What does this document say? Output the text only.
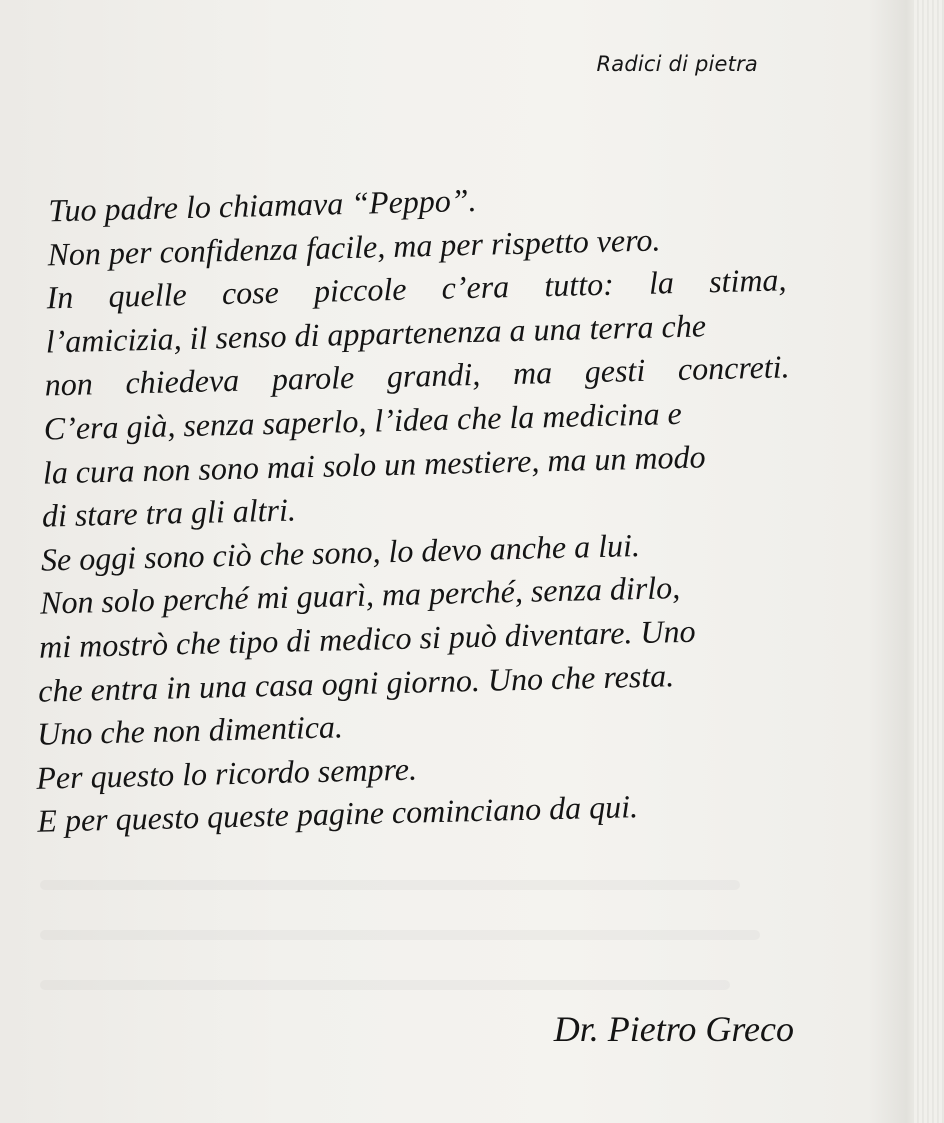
Radici di pietra
Tuo padre lo chiamava “Peppo”.
Non per confidenza facile, ma per rispetto vero.
In quelle cose piccole c’era tutto: la stima,
l’amicizia, il senso di appartenenza a una terra che
non chiedeva parole grandi, ma gesti concreti.
C’era già, senza saperlo, l’idea che la medicina e
la cura non sono mai solo un mestiere, ma un modo
di stare tra gli altri.
Se oggi sono ciò che sono, lo devo anche a lui.
Non solo perché mi guarì, ma perché, senza dirlo,
mi mostrò che tipo di medico si può diventare. Uno
che entra in una casa ogni giorno. Uno che resta.
Uno che non dimentica.
Per questo lo ricordo sempre.
E per questo queste pagine cominciano da qui.
Dr. Pietro Greco
